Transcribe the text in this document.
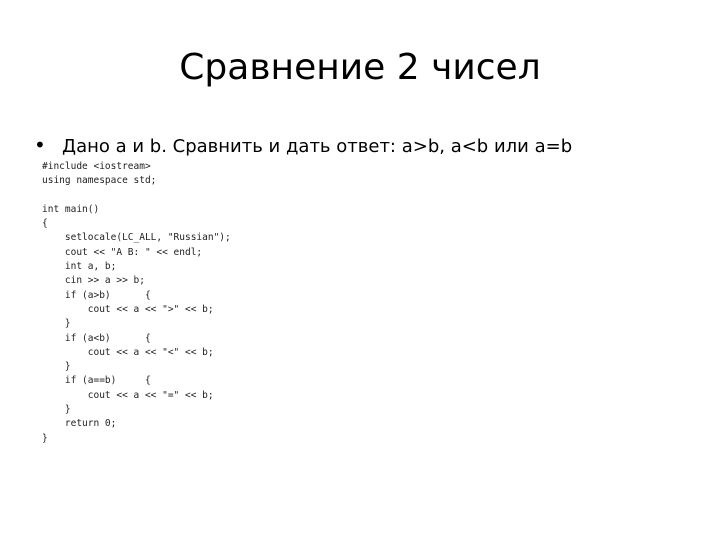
Сравнение 2 чисел
• Дано a и b. Сравнить и дать ответ: a>b, a<b или a=b
#include <iostream>
using namespace std;
int main()
{
setlocale(LC_ALL, "Russian");
cout << "A B: " << endl;
int a, b;
cin >> a >> b;
if (a>b)      {
cout << a << ">" << b;
}
if (a<b)      {
cout << a << "<" << b;
}
if (a==b)     {
cout << a << "=" << b;
}
return 0;
}
